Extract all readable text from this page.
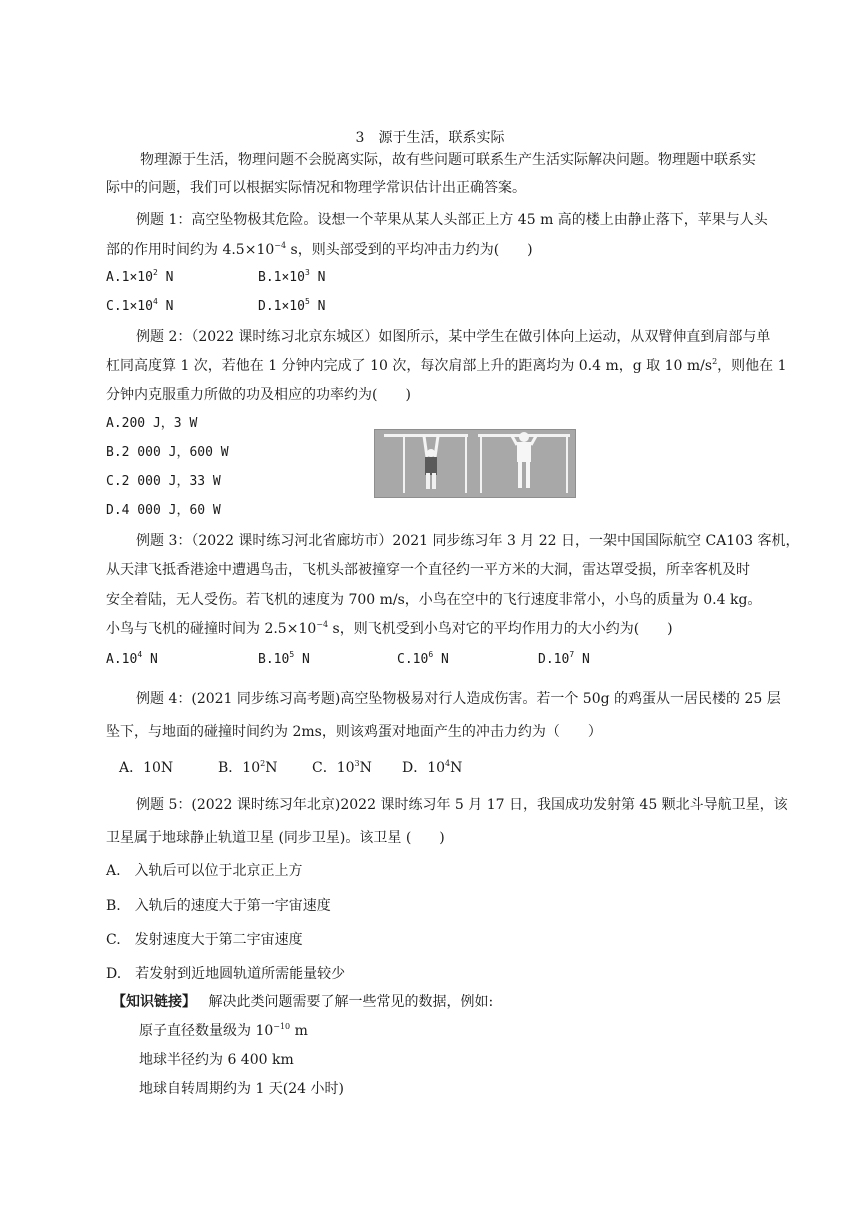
3　源于生活，联系实际
物理源于生活，物理问题不会脱离实际，故有些问题可联系生产生活实际解决问题。物理题中联系实
际中的问题，我们可以根据实际情况和物理学常识估计出正确答案。
例题 1：高空坠物极其危险。设想一个苹果从某人头部正上方 45 m 高的楼上由静止落下，苹果与人头
部的作用时间约为 $4.5\times 10^{-4}$ s，则头部受到的平均冲击力约为(　　)
$A.1\times 10^2$ N	$B.1\times 10^3$ N
$C.1\times 10^4$ N	$D.1\times 10^5$ N
例题 2：（2022 课时练习北京东城区）如图所示，某中学生在做引体向上运动，从双臂伸直到肩部与单
杠同高度算 1 次，若他在 1 分钟内完成了 10 次，每次肩部上升的距离均为 0.4 m，g 取 10 $m/s^2$，则他在 1
分钟内克服重力所做的功及相应的功率约为(　　)
A.200 J，3 W
B.2 000 J，600 W
C.2 000 J，33 W
D.4 000 J，60 W
例题 3：（2022 课时练习河北省廊坊市）2021 同步练习年 3 月 22 日，一架中国国际航空 CA103 客机，
从天津飞抵香港途中遭遇鸟击，飞机头部被撞穿一个直径约一平方米的大洞，雷达罩受损，所幸客机及时
安全着陆，无人受伤。若飞机的速度为 700 m/s，小鸟在空中的飞行速度非常小，小鸟的质量为 0.4 kg。
小鸟与飞机的碰撞时间为 $2.5\times 10^{-4}$ s，则飞机受到小鸟对它的平均作用力的大小约为(　　)
$A.10^4$ N	$B.10^5$ N	$C.10^6$ N	$D.10^7$ N
例题 4：(2021 同步练习高考题)高空坠物极易对行人造成伤害。若一个 50g 的鸡蛋从一居民楼的 25 层
坠下，与地面的碰撞时间约为 2ms，则该鸡蛋对地面产生的冲击力约为（　　）
A．10N	B．$10^2N$ C．$10^3N$ D．$10^4N$
例题 5：(2022 课时练习年北京)2022 课时练习年 5 月 17 日，我国成功发射第 45 颗北斗导航卫星，该
卫星属于地球静止轨道卫星 (同步卫星)。该卫星 (　　)
A.　入轨后可以位于北京正上方
B.　入轨后的速度大于第一宇宙速度
C.　发射速度大于第二宇宙速度
D.　若发射到近地圆轨道所需能量较少
【知识链接】 解决此类问题需要了解一些常见的数据，例如:
原子直径数量级为 $10^{-10}$ m
地球半径约为 6 400 km
地球自转周期约为 1 天(24 小时)
